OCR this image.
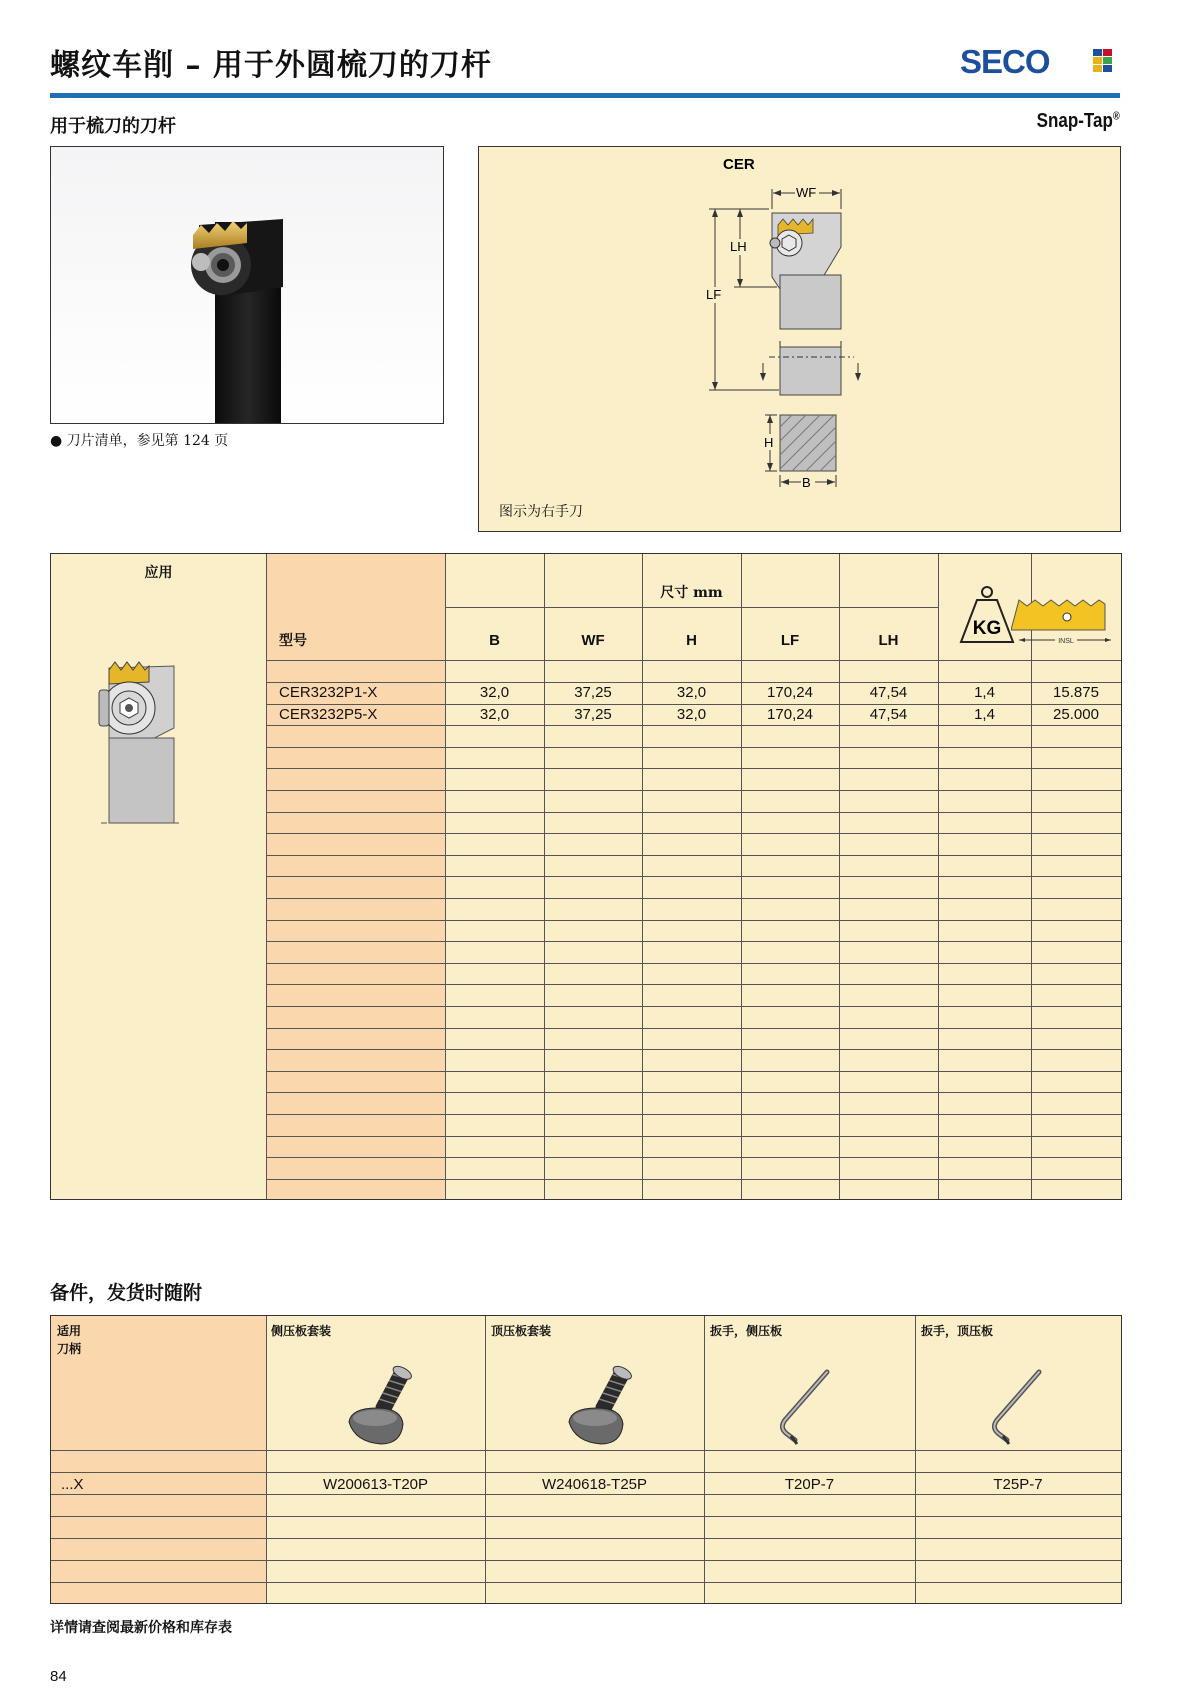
螺纹车削 – 用于外圆梳刀的刀杆	SECO
用于梳刀的刀杆	Snap-Tap®
● 刀片清单，参见第 124 页
CER
WF
LH
LF
H
B
图示为右手刀
应用
型号
尺寸 mm
B	WF	H	LF	LH
KG
INSL
CER3232P1-X	32,0	37,25	32,0	170,24	47,54	1,4	15.875
CER3232P5-X	32,0	37,25	32,0	170,24	47,54	1,4	25.000
备件，发货时随附
适用
刀柄
侧压板套装	顶压板套装	扳手，侧压板	扳手，顶压板
...X	W200613-T20P	W240618-T25P	T20P-7	T25P-7
详情请查阅最新价格和库存表
84
